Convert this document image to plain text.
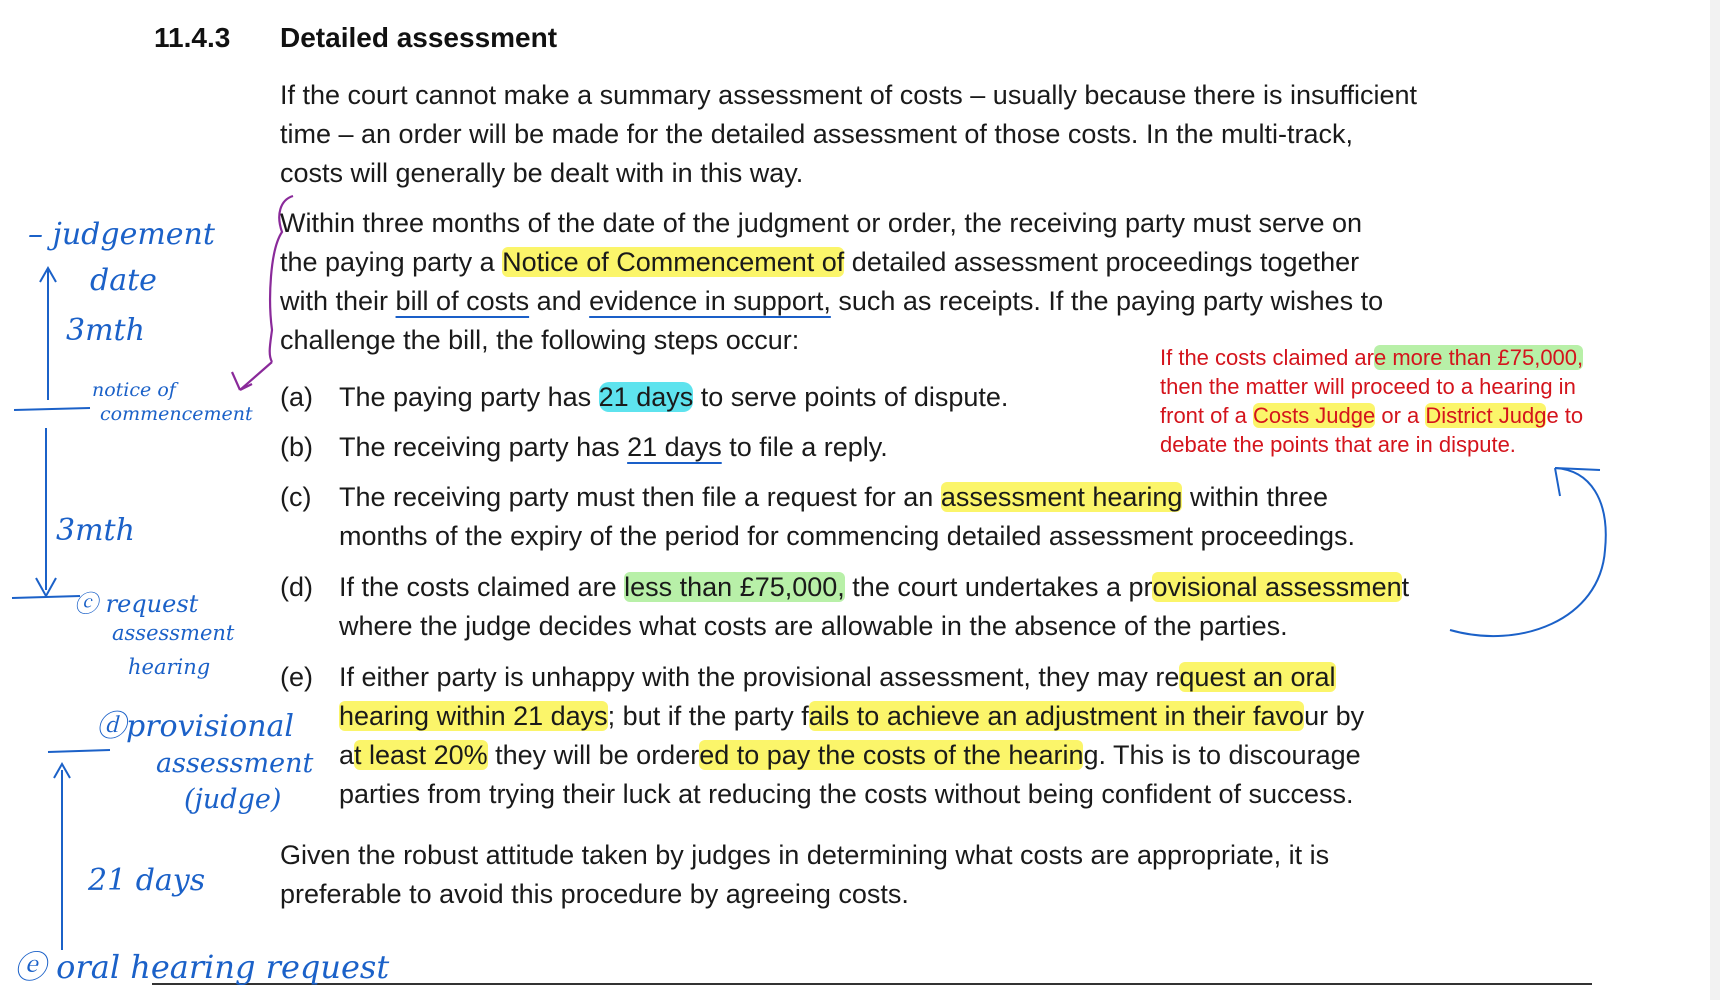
11.4.3 Detailed assessment

If the court cannot make a summary assessment of costs – usually because there is insufficient
time – an order will be made for the detailed assessment of those costs. In the multi-track,
costs will generally be dealt with in this way.

Within three months of the date of the judgment or order, the receiving party must serve on
the paying party a Notice of Commencement of detailed assessment proceedings together
with their bill of costs and evidence in support, such as receipts. If the paying party wishes to
challenge the bill, the following steps occur:

(a) The paying party has 21 days to serve points of dispute.
(b) The receiving party has 21 days to file a reply.
(c)	The receiving party must then file a request for an assessment hearing within three
months of the expiry of the period for commencing detailed assessment proceedings.
(d) If the costs claimed are less than £75,000, the court undertakes a provisional assessment
where the judge decides what costs are allowable in the absence of the parties.
(e) If either party is unhappy with the provisional assessment, they may request an oral
hearing within 21 days; but if the party fails to achieve an adjustment in their favour by
at least 20% they will be ordered to pay the costs of the hearing. This is to discourage
parties from trying their luck at reducing the costs without being confident of success.

Given the robust attitude taken by judges in determining what costs are appropriate, it is
preferable to avoid this procedure by agreeing costs.

If the costs claimed are more than £75,000,
then the matter will proceed to a hearing in
front of a Costs Judge or a District Judge to
debate the points that are in dispute.
– judgement
date
3mth
notice of
commencement
3mth
ⓒ request
assessment
hearing
ⓓprovisional
assessment
(judge)
21 days
ⓔ oral hearing request
